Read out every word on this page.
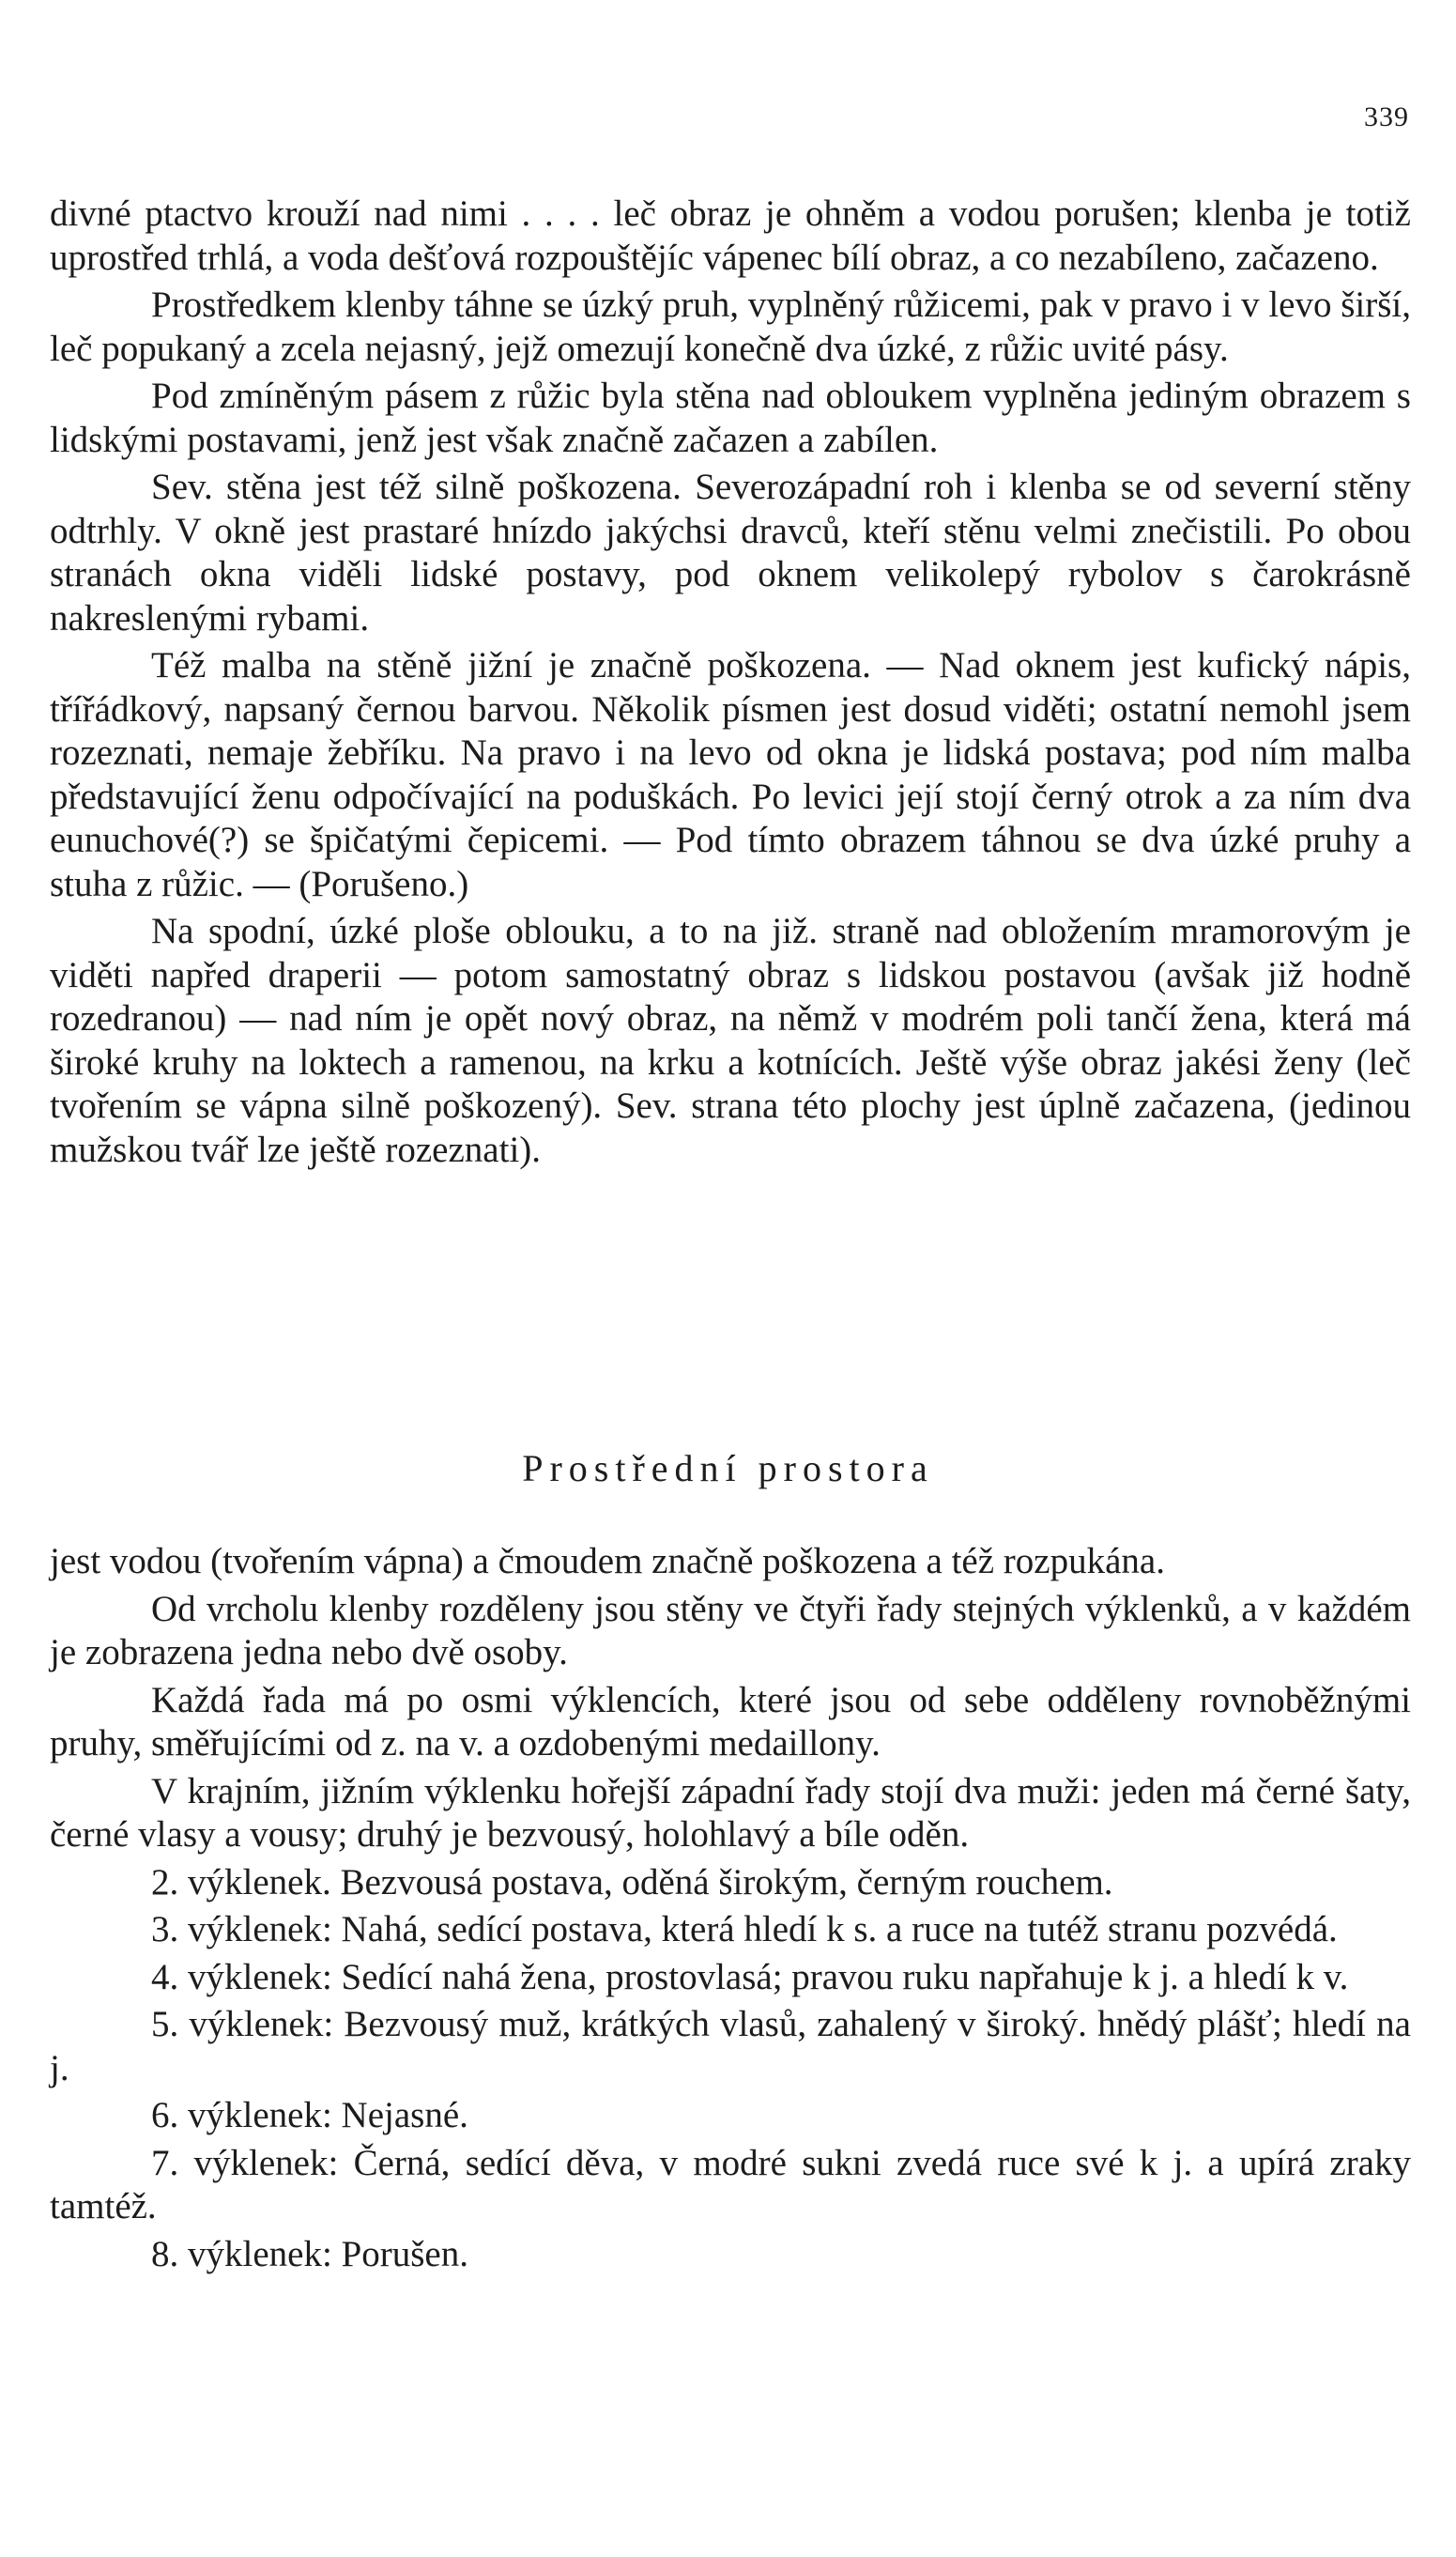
339

divné ptactvo krouží nad nimi . . . . leč obraz je ohněm a vodou porušen; klenba je totiž uprostřed trhlá, a voda dešťová rozpouštějíc vápenec bílí obraz, a co nezabíleno, začazeno.

Prostředkem klenby táhne se úzký pruh, vyplněný růžicemi, pak v pravo i v levo širší, leč popukaný a zcela nejasný, jejž omezují konečně dva úzké, z růžic uvité pásy.

Pod zmíněným pásem z růžic byla stěna nad obloukem vyplněna jediným obrazem s lidskými postavami, jenž jest však značně začazen a zabílen.

Sev. stěna jest též silně poškozena. Severozápadní roh i klenba se od severní stěny odtrhly. V okně jest prastaré hnízdo jakýchsi dravců, kteří stěnu velmi znečistili. Po obou stranách okna viděli lidské postavy, pod oknem velikolepý rybolov s čarokrásně nakreslenými rybami.

Též malba na stěně jižní je značně poškozena. — Nad oknem jest kufický nápis, třířádkový, napsaný černou barvou. Několik písmen jest dosud viděti; ostatní nemohl jsem rozeznati, nemaje žebříku. Na pravo i na levo od okna je lidská postava; pod ním malba představující ženu odpočívající na poduškách. Po levici její stojí černý otrok a za ním dva eunuchové(?) se špičatými čepicemi. — Pod tímto obrazem táhnou se dva úzké pruhy a stuha z růžic. — (Porušeno.)

Na spodní, úzké ploše oblouku, a to na již. straně nad obložením mramorovým je viděti napřed draperii — potom samostatný obraz s lidskou postavou (avšak již hodně rozedranou) — nad ním je opět nový obraz, na němž v modrém poli tančí žena, která má široké kruhy na loktech a ramenou, na krku a kotnících. Ještě výše obraz jakési ženy (leč tvořením se vápna silně poškozený). Sev. strana této plochy jest úplně začazena, (jedinou mužskou tvář lze ještě rozeznati).

Prostřední prostora

jest vodou (tvořením vápna) a čmoudem značně poškozena a též rozpukána.

Od vrcholu klenby rozděleny jsou stěny ve čtyři řady stejných výklenků, a v každém je zobrazena jedna nebo dvě osoby.

Každá řada má po osmi výklencích, které jsou od sebe odděleny rovnoběžnými pruhy, směřujícími od z. na v. a ozdobenými medaillony.

V krajním, jižním výklenku hořejší západní řady stojí dva muži: jeden má černé šaty, černé vlasy a vousy; druhý je bezvousý, holohlavý a bíle oděn.

2. výklenek. Bezvousá postava, oděná širokým, černým rouchem.

3. výklenek: Nahá, sedící postava, která hledí k s. a ruce na tutéž stranu pozvédá.

4. výklenek: Sedící nahá žena, prostovlasá; pravou ruku napřahuje k j. a hledí k v.

5. výklenek: Bezvousý muž, krátkých vlasů, zahalený v široký. hnědý plášť; hledí na j.

6. výklenek: Nejasné.

7. výklenek: Černá, sedící děva, v modré sukni zvedá ruce své k j. a upírá zraky tamtéž.

8. výklenek: Porušen.
